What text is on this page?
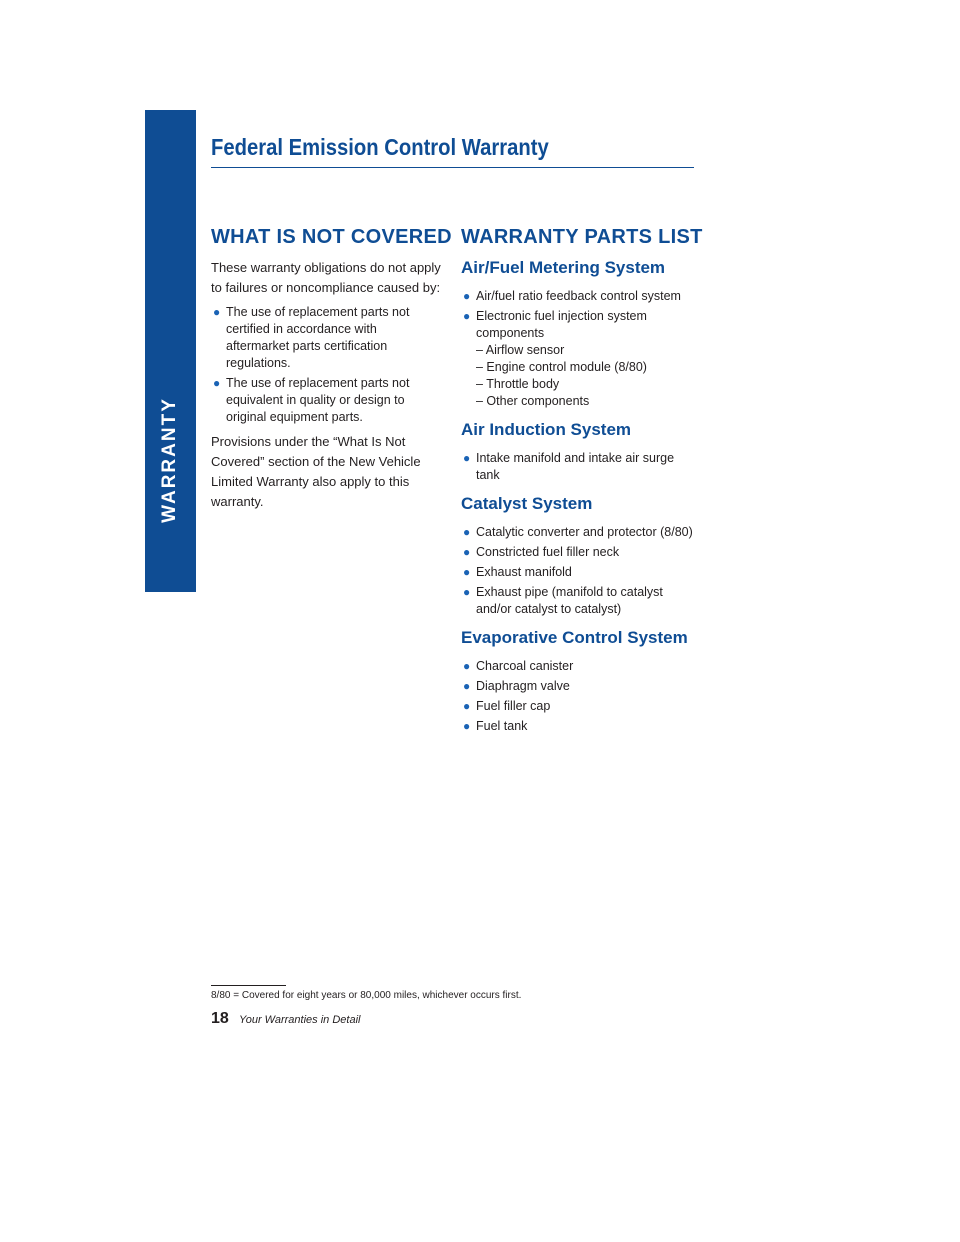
WARRANTY
Federal Emission Control Warranty
WHAT IS NOT COVERED

These warranty obligations do not apply to failures or noncompliance caused by:

● The use of replacement parts not certified in accordance with aftermarket parts certification regulations.
● The use of replacement parts not equivalent in quality or design to original equipment parts.

Provisions under the “What Is Not Covered” section of the New Vehicle Limited Warranty also apply to this warranty.

WARRANTY PARTS LIST
Air/Fuel Metering System
● Air/fuel ratio feedback control system
● Electronic fuel injection system components
– Airflow sensor
– Engine control module (8/80)
– Throttle body
– Other components
Air Induction System
● Intake manifold and intake air surge tank
Catalyst System
● Catalytic converter and protector (8/80)
● Constricted fuel filler neck
● Exhaust manifold
● Exhaust pipe (manifold to catalyst and/or catalyst to catalyst)
Evaporative Control System
● Charcoal canister
● Diaphragm valve
● Fuel filler cap
● Fuel tank
8/80 = Covered for eight years or 80,000 miles, whichever occurs first.
18 Your Warranties in Detail
